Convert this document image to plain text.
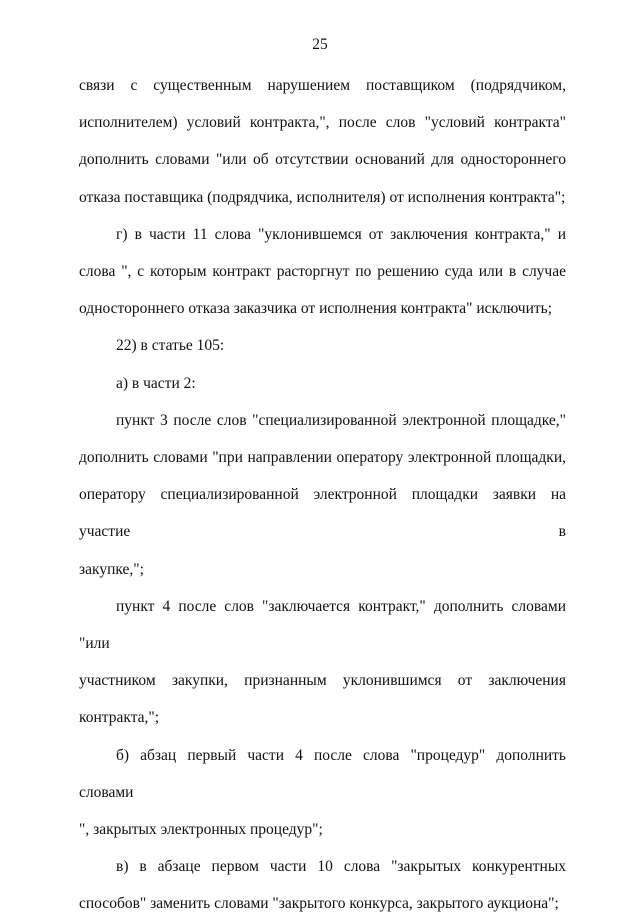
25
связи с существенным нарушением поставщиком (подрядчиком,
исполнителем) условий контракта,", после слов "условий контракта"
дополнить словами "или об отсутствии оснований для одностороннего
отказа поставщика (подрядчика, исполнителя) от исполнения контракта";
г) в части 11 слова "уклонившемся от заключения контракта," и
слова ", с которым контракт расторгнут по решению суда или в случае
одностороннего отказа заказчика от исполнения контракта" исключить;
22) в статье 105:
а) в части 2:
пункт 3 после слов "специализированной электронной площадке,"
дополнить словами "при направлении оператору электронной площадки,
оператору специализированной электронной площадки заявки на участие в
закупке,";
пункт 4 после слов "заключается контракт," дополнить словами "или
участником закупки, признанным уклонившимся от заключения
контракта,";
б) абзац первый части 4 после слова "процедур" дополнить словами
", закрытых электронных процедур";
в) в абзаце первом части 10 слова "закрытых конкурентных
способов" заменить словами "закрытого конкурса, закрытого аукциона";
